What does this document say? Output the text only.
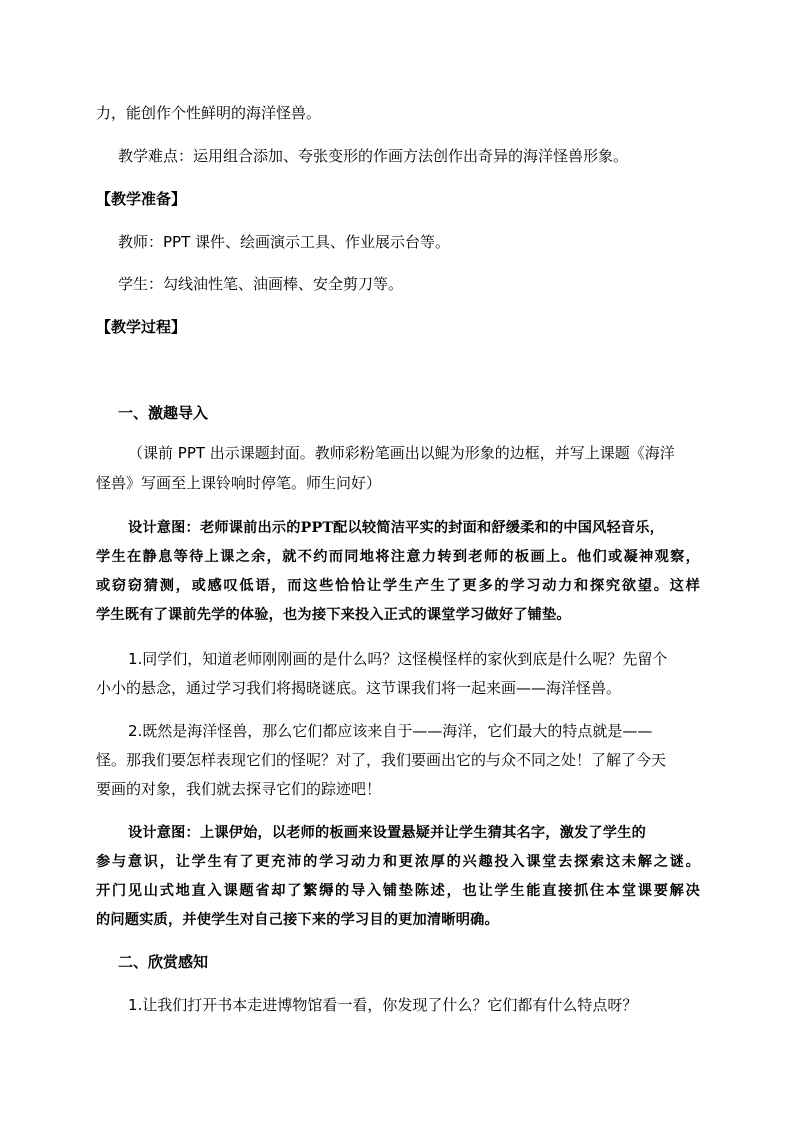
力，能创作个性鲜明的海洋怪兽。
教学难点：运用组合添加、夸张变形的作画方法创作出奇异的海洋怪兽形象。
【教学准备】
教师：PPT 课件、绘画演示工具、作业展示台等。
学生：勾线油性笔、油画棒、安全剪刀等。
【教学过程】
一、激趣导入
（课前 PPT 出示课题封面。教师彩粉笔画出以鲲为形象的边框，并写上课题《海洋
怪兽》写画至上课铃响时停笔。师生问好）
设计意图：老师课前出示的PPT配以较简洁平实的封面和舒缓柔和的中国风轻音乐，
学生在静息等待上课之余，就不约而同地将注意力转到老师的板画上。他们或凝神观察，
或窃窃猜测，或感叹低语，而这些恰恰让学生产生了更多的学习动力和探究欲望。这样
学生既有了课前先学的体验，也为接下来投入正式的课堂学习做好了铺垫。
1.同学们，知道老师刚刚画的是什么吗？这怪模怪样的家伙到底是什么呢？先留个
小小的悬念，通过学习我们将揭晓谜底。这节课我们将一起来画——海洋怪兽。
2.既然是海洋怪兽，那么它们都应该来自于——海洋，它们最大的特点就是——
怪。那我们要怎样表现它们的怪呢？对了，我们要画出它的与众不同之处！了解了今天
要画的对象，我们就去探寻它们的踪迹吧！
设计意图：上课伊始，以老师的板画来设置悬疑并让学生猜其名字，激发了学生的
参与意识，让学生有了更充沛的学习动力和更浓厚的兴趣投入课堂去探索这未解之谜。
开门见山式地直入课题省却了繁缛的导入铺垫陈述，也让学生能直接抓住本堂课要解决
的问题实质，并使学生对自己接下来的学习目的更加清晰明确。
二、欣赏感知
1.让我们打开书本走进博物馆看一看，你发现了什么？它们都有什么特点呀？
